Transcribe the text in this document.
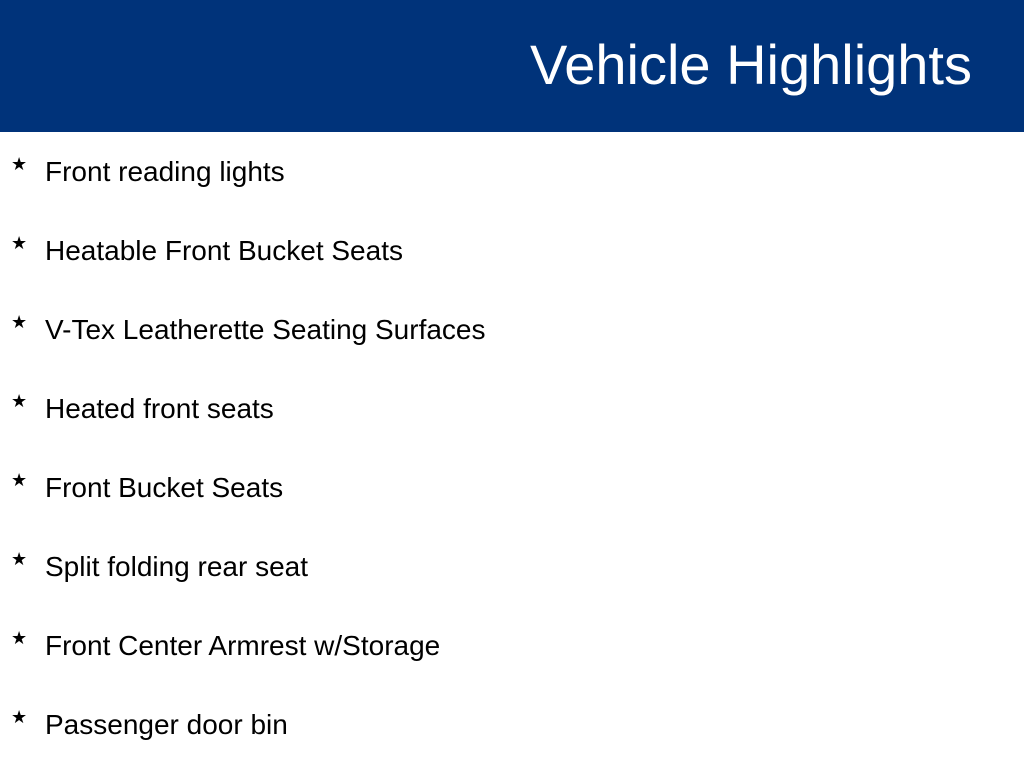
Vehicle Highlights
★ Front reading lights
★ Heatable Front Bucket Seats
★ V-Tex Leatherette Seating Surfaces
★ Heated front seats
★ Front Bucket Seats
★ Split folding rear seat
★ Front Center Armrest w/Storage
★ Passenger door bin
